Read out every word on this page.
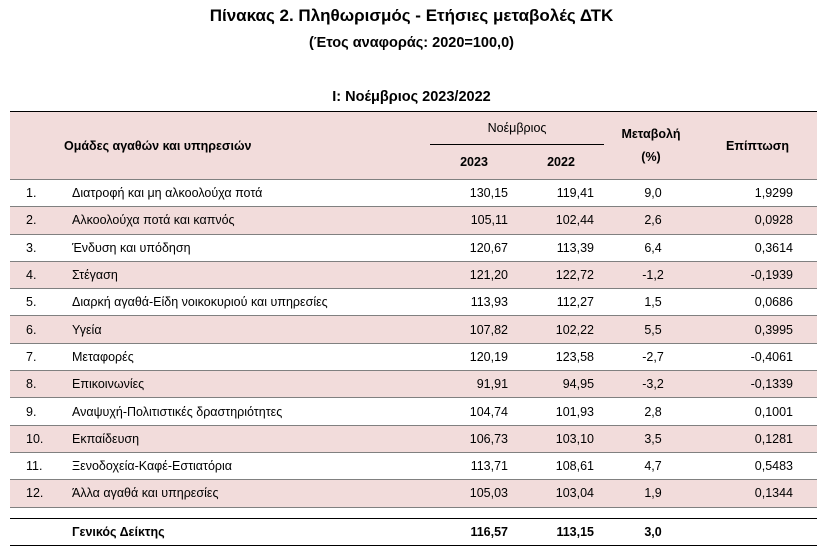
Πίνακας 2. Πληθωρισμός - Ετήσιες μεταβολές ΔΤΚ
(Έτος αναφοράς: 2020=100,0)
I: Νοέμβριος 2023/2022
Ομάδες αγαθών και υπηρεσιών		Νοέμβριος		Μεταβολή	Επίπτωση
		2023	2022	(%)	
1.	Διατροφή και μη αλκοολούχα ποτά	130,15	119,41	9,0	1,9299
2.	Αλκοολούχα ποτά και καπνός	105,11	102,44	2,6	0,0928
3.	Ένδυση και υπόδηση	120,67	113,39	6,4	0,3614
4.	Στέγαση	121,20	122,72	-1,2	-0,1939
5.	Διαρκή αγαθά-Είδη νοικοκυριού και υπηρεσίες	113,93	112,27	1,5	0,0686
6.	Υγεία	107,82	102,22	5,5	0,3995
7.	Μεταφορές	120,19	123,58	-2,7	-0,4061
8.	Επικοινωνίες	91,91	94,95	-3,2	-0,1339
9.	Αναψυχή-Πολιτιστικές δραστηριότητες	104,74	101,93	2,8	0,1001
10.	Εκπαίδευση	106,73	103,10	3,5	0,1281
11.	Ξενοδοχεία-Καφέ-Εστιατόρια	113,71	108,61	4,7	0,5483
12.	Άλλα αγαθά και υπηρεσίες	105,03	103,04	1,9	0,1344

	Γενικός Δείκτης	116,57	113,15	3,0	
